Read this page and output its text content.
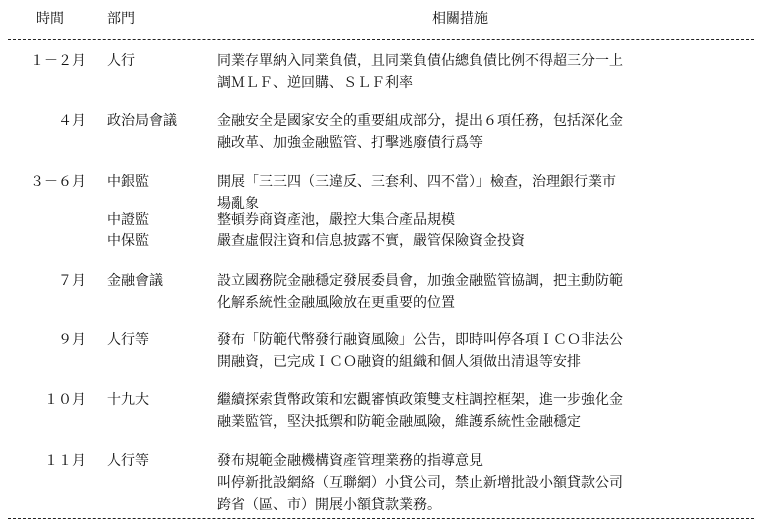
時間	部門	相關措施
１－２月 人行	同業存單納入同業負債，且同業負債佔總負債比例不得超三分一上
調ＭＬＦ、逆回購、ＳＬＦ利率
４月 政治局會議	金融安全是國家安全的重要組成部分，提出６項任務，包括深化金
融改革、加強金融監管、打擊逃廢債行爲等
３－６月 中銀監	開展「三三四（三違反、三套利、四不當）」檢查，治理銀行業市
場亂象
中證監	整頓券商資產池，嚴控大集合產品規模
中保監	嚴查虛假注資和信息披露不實，嚴管保險資金投資
７月 金融會議	設立國務院金融穩定發展委員會，加強金融監管協調，把主動防範
化解系統性金融風險放在更重要的位置
９月 人行等	發布「防範代幣發行融資風險」公告，即時叫停各項ＩＣＯ非法公
開融資，已完成ＩＣＯ融資的組織和個人須做出清退等安排
１０月 十九大	繼續探索貨幣政策和宏觀審慎政策雙支柱調控框架，進一步強化金
融業監管，堅決抵禦和防範金融風險，維護系統性金融穩定
１１月 人行等	發布規範金融機構資產管理業務的指導意見
叫停新批設網絡（互聯網）小貸公司，禁止新增批設小額貸款公司
跨省（區、市）開展小額貸款業務。
